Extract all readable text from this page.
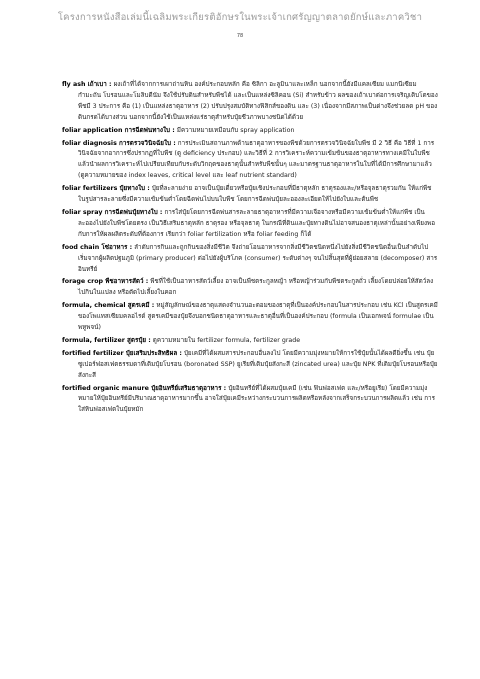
โครงการหนังสือเล่มนี้เฉลิมพระเกียรติอักษรในพระเจ้าเกศรัญญาตลาดยักษ์และภาควิชา
78

fly ash เถ้าเบา : ผงเถ้าที่ได้จากการเผาถ่านหิน องค์ประกอบหลัก คือ ซิลิกา อะลูมินาและเหล็ก นอกจากนี้ยังมีแคลเซียม แมกนีเซียม กำมะถัน โบรอนและโมลิบดีนัม จึงใช้ปรับดินสำหรับพืชได้ และเป็นแหล่งซิลิคอน (Si) สำหรับข้าว ผลของเถ้าเบาต่อการเจริญเติบโตของพืชมี 3 ประการ คือ (1) เป็นแหล่งธาตุอาหาร (2) ปรับปรุงสมบัติทางฟิสิกส์ของดิน และ (3) เนื่องจากมีสภาพเป็นด่างจึงช่วยลด pH ของดินกรดได้บางส่วน นอกจากนี้ยังใช้เป็นแหล่งแร่ธาตุสำหรับปุ๋ยชีวภาพบางชนิดได้ด้วย

foliar application การฉีดพ่นทางใบ : มีความหมายเหมือนกับ spray application

foliar diagnosis การตรวจวินิจฉัยใบ : การประเมินสถานภาพด้านธาตุอาหารของพืชด้วยการตรวจวินิจฉัยใบพืช มี 2 วิธี คือ วิธีที่ 1 การวินิจฉัยจากอาการซึ่งปรากฏที่ใบพืช (ดู deficiency ประกอบ) และวิธีที่ 2 การวิเคราะห์ความเข้มข้นของธาตุอาหารทางเคมีในใบพืช แล้วนำผลการวิเคราะห์ไปเปรียบเทียบกับระดับวิกฤตของธาตุนั้นสำหรับพืชนั้นๆ และมาตรฐานธาตุอาหารในใบที่ได้มีการศึกษามาแล้ว (ดูความหมายของ index leaves, critical level และ leaf nutrient standard)

foliar fertilizers ปุ๋ยทางใบ : ปุ๋ยที่ละลายง่าย อาจเป็นปุ๋ยเดี่ยวหรือปุ๋ยเชิงประกอบที่มีธาตุหลัก ธาตุรองและ/หรือจุลธาตุรวมกัน ให้แก่พืชในรูปสารละลายซึ่งมีความเข้มข้นต่ำโดยฉีดพ่นไปบนใบพืช โดยการฉีดพ่นปุ๋ยละอองละเอียดให้ไปยังใบและต้นพืช

foliar spray การฉีดพ่นปุ๋ยทางใบ : การใส่ปุ๋ยโดยการฉีดพ่นสารละลายธาตุอาหารที่มีความเจือจางหรือมีความเข้มข้นต่ำให้แก่พืช เป็นละอองไปยังใบพืชโดยตรง เป็นวิธีเสริมธาตุหลัก ธาตุรอง หรือจุลธาตุ ในกรณีที่ดินและปุ๋ยทางดินไม่อาจสนองธาตุเหล่านั้นอย่างเพียงพอกับการให้ผลผลิตระดับที่ต้องการ เรียกว่า foliar fertilization หรือ foliar feeding ก็ได้

food chain โซ่อาหาร : ลำดับการกินและถูกกินของสิ่งมีชีวิต จึงถ่ายโอนอาหารจากสิ่งมีชีวิตชนิดหนึ่งไปยังสิ่งมีชีวิตชนิดอื่นเป็นลำดับไป เริ่มจากผู้ผลิตปฐมภูมิ (primary producer) ต่อไปยังผู้บริโภค (consumer) ระดับต่างๆ จนไปสิ้นสุดที่ผู้ย่อยสลาย (decomposer) สารอินทรีย์

forage crop พืชอาหารสัตว์ : พืชที่ใช้เป็นอาหารสัตว์เลี้ยง อาจเป็นพืชตระกูลหญ้า หรือหญ้าร่วมกับพืชตระกูลถั่ว เลี้ยงโดยปล่อยให้สัตว์ลงไปกินในแปลง หรือตัดไปเลี้ยงในคอก

formula, chemical สูตรเคมี : หมู่สัญลักษณ์ของธาตุแสดงจำนวนอะตอมของธาตุที่เป็นองค์ประกอบในสารประกอบ เช่น KCl เป็นสูตรเคมีของโพแทสเซียมคลอไรด์ สูตรเคมีของปุ๋ยจึงบอกชนิดธาตุอาหารและธาตุอื่นที่เป็นองค์ประกอบ (formula เป็นเอกพจน์ formulae เป็นพหูพจน์)

formula, fertilizer สูตรปุ๋ย : ดูความหมายใน fertilizer formula, fertilizer grade

fortified fertilizer ปุ๋ยเสริมประสิทธิผล : ปุ๋ยเคมีที่ได้ผสมสารประกอบอื่นลงไป โดยมีความมุ่งหมายให้การใช้ปุ๋ยนั้นได้ผลดียิ่งขึ้น เช่น ปุ๋ยซูเปอร์ฟอสเฟตธรรมดาที่เติมปุ๋ยโบรอน (boronated SSP) ยูเรียที่เติมปุ๋ยสังกะสี (zincated urea) และปุ๋ย NPK ที่เติมปุ๋ยโบรอนหรือปุ๋ยสังกะสี

fortified organic manure ปุ๋ยอินทรีย์เสริมธาตุอาหาร : ปุ๋ยอินทรีย์ที่ได้ผสมปุ๋ยเคมี (เช่น ฟินฟอสเฟต และ/หรือยูเรีย) โดยมีความมุ่งหมายให้ปุ๋ยอินทรีย์มีปริมาณธาตุอาหารมากขึ้น อาจใส่ปุ๋ยเคมีระหว่างกระบวนการผลิตหรือหลังจากเสร็จกระบวนการผลิตแล้ว เช่น การใส่หินฟอสเฟตในปุ๋ยหมัก
